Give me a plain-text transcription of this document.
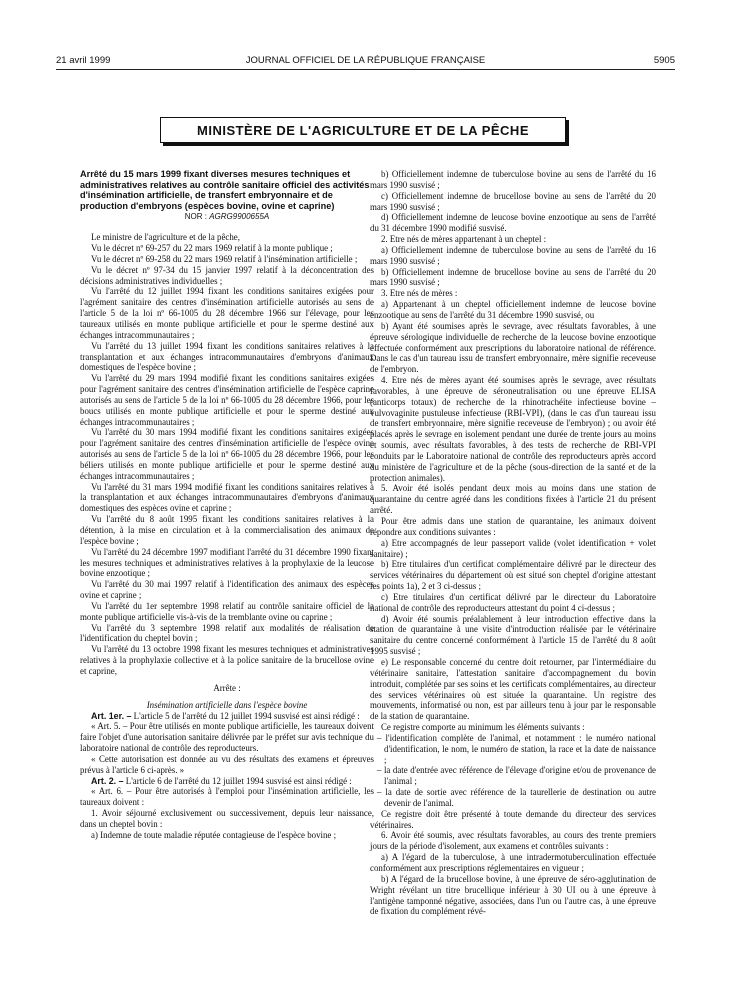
21 avril 1999	JOURNAL OFFICIEL DE LA RÉPUBLIQUE FRANÇAISE	5905
MINISTÈRE DE L'AGRICULTURE ET DE LA PÊCHE

Arrêté du 15 mars 1999 fixant diverses mesures techniques et administratives relatives au contrôle sanitaire officiel des activités d'insémination artificielle, de transfert embryonnaire et de production d'embryons (espèces bovine, ovine et caprine)

NOR : AGRG9900655A

Le ministre de l'agriculture et de la pêche,

Vu le décret nº 69-257 du 22 mars 1969 relatif à la monte publique ;

Vu le décret nº 69-258 du 22 mars 1969 relatif à l'insémination artificielle ;

Vu le décret nº 97-34 du 15 janvier 1997 relatif à la déconcentration des décisions administratives individuelles ;

Vu l'arrêté du 12 juillet 1994 fixant les conditions sanitaires exigées pour l'agrément sanitaire des centres d'insémination artificielle autorisés au sens de l'article 5 de la loi nº 66-1005 du 28 décembre 1966 sur l'élevage, pour les taureaux utilisés en monte publique artificielle et pour le sperme destiné aux échanges intracommunautaires ;

Vu l'arrêté du 13 juillet 1994 fixant les conditions sanitaires relatives à la transplantation et aux échanges intracommunautaires d'embryons d'animaux domestiques de l'espèce bovine ;

Vu l'arrêté du 29 mars 1994 modifié fixant les conditions sanitaires exigées pour l'agrément sanitaire des centres d'insémination artificielle de l'espèce caprine autorisés au sens de l'article 5 de la loi nº 66-1005 du 28 décembre 1966, pour les boucs utilisés en monte publique artificielle et pour le sperme destiné aux échanges intracommunautaires ;

Vu l'arrêté du 30 mars 1994 modifié fixant les conditions sanitaires exigées pour l'agrément sanitaire des centres d'insémination artificielle de l'espèce ovine autorisés au sens de l'article 5 de la loi nº 66-1005 du 28 décembre 1966, pour les béliers utilisés en monte publique artificielle et pour le sperme destiné aux échanges intracommunautaires ;

Vu l'arrêté du 31 mars 1994 modifié fixant les conditions sanitaires relatives à la transplantation et aux échanges intracommunautaires d'embryons d'animaux domestiques des espèces ovine et caprine ;

Vu l'arrêté du 8 août 1995 fixant les conditions sanitaires relatives à la détention, à la mise en circulation et à la commercialisation des animaux de l'espèce bovine ;

Vu l'arrêté du 24 décembre 1997 modifiant l'arrêté du 31 décembre 1990 fixant les mesures techniques et administratives relatives à la prophylaxie de la leucose bovine enzootique ;

Vu l'arrêté du 30 mai 1997 relatif à l'identification des animaux des espèces ovine et caprine ;

Vu l'arrêté du 1er septembre 1998 relatif au contrôle sanitaire officiel de la monte publique artificielle vis-à-vis de la tremblante ovine ou caprine ;

Vu l'arrêté du 3 septembre 1998 relatif aux modalités de réalisation de l'identification du cheptel bovin ;

Vu l'arrêté du 13 octobre 1998 fixant les mesures techniques et administratives relatives à la prophylaxie collective et à la police sanitaire de la brucellose ovine et caprine,

Arrête :

Insémination artificielle dans l'espèce bovine

Art. 1er. – L'article 5 de l'arrêté du 12 juillet 1994 susvisé est ainsi rédigé :

« Art. 5. – Pour être utilisés en monte publique artificielle, les taureaux doivent faire l'objet d'une autorisation sanitaire délivrée par le préfet sur avis technique du laboratoire national de contrôle des reproducteurs.

« Cette autorisation est donnée au vu des résultats des examens et épreuves prévus à l'article 6 ci-après. »

Art. 2. – L'article 6 de l'arrêté du 12 juillet 1994 susvisé est ainsi rédigé :

« Art. 6. – Pour être autorisés à l'emploi pour l'insémination artificielle, les taureaux doivent :

1. Avoir séjourné exclusivement ou successivement, depuis leur naissance, dans un cheptel bovin :

a) Indemne de toute maladie réputée contagieuse de l'espèce bovine ;

b) Officiellement indemne de tuberculose bovine au sens de l'arrêté du 16 mars 1990 susvisé ;

c) Officiellement indemne de brucellose bovine au sens de l'arrêté du 20 mars 1990 susvisé ;

d) Officiellement indemne de leucose bovine enzootique au sens de l'arrêté du 31 décembre 1990 modifié susvisé.

2. Etre nés de mères appartenant à un cheptel :

a) Officiellement indemne de tuberculose bovine au sens de l'arrêté du 16 mars 1990 susvisé ;

b) Officiellement indemne de brucellose bovine au sens de l'arrêté du 20 mars 1990 susvisé ;

3. Etre nés de mères :

a) Appartenant à un cheptel officiellement indemne de leucose bovine enzootique au sens de l'arrêté du 31 décembre 1990 susvisé, ou

b) Ayant été soumises après le sevrage, avec résultats favorables, à une épreuve sérologique individuelle de recherche de la leucose bovine enzootique effectuée conformément aux prescriptions du laboratoire national de référence. Dans le cas d'un taureau issu de transfert embryonnaire, mère signifie receveuse de l'embryon.

4. Etre nés de mères ayant été soumises après le sevrage, avec résultats favorables, à une épreuve de séroneutralisation ou une épreuve ELISA (anticorps totaux) de recherche de la rhinotrachéite infectieuse bovine – vulvovaginite pustuleuse infectieuse (RBI-VPI), (dans le cas d'un taureau issu de transfert embryonnaire, mère signifie receveuse de l'embryon) ; ou avoir été placés après le sevrage en isolement pendant une durée de trente jours au moins et soumis, avec résultats favorables, à des tests de recherche de RBI-VPI conduits par le Laboratoire national de contrôle des reproducteurs après accord du ministère de l'agriculture et de la pêche (sous-direction de la santé et de la protection animales).

5. Avoir été isolés pendant deux mois au moins dans une station de quarantaine du centre agréé dans les conditions fixées à l'article 21 du présent arrêté.

Pour être admis dans une station de quarantaine, les animaux doivent répondre aux conditions suivantes :

a) Etre accompagnés de leur passeport valide (volet identification + volet sanitaire) ;

b) Etre titulaires d'un certificat complémentaire délivré par le directeur des services vétérinaires du département où est situé son cheptel d'origine attestant les points 1a), 2 et 3 ci-dessus ;

c) Etre titulaires d'un certificat délivré par le directeur du Laboratoire national de contrôle des reproducteurs attestant du point 4 ci-dessus ;

d) Avoir été soumis préalablement à leur introduction effective dans la station de quarantaine à une visite d'introduction réalisée par le vétérinaire sanitaire du centre concerné conformément à l'article 15 de l'arrêté du 8 août 1995 susvisé ;

e) Le responsable concerné du centre doit retourner, par l'intermédiaire du vétérinaire sanitaire, l'attestation sanitaire d'accompagnement du bovin introduit, complétée par ses soins et les certificats complémentaires, au directeur des services vétérinaires où est située la quarantaine. Un registre des mouvements, informatisé ou non, est par ailleurs tenu à jour par le responsable de la station de quarantaine.

Ce registre comporte au minimum les éléments suivants :

– l'identification complète de l'animal, et notamment : le numéro national d'identification, le nom, le numéro de station, la race et la date de naissance ;

– la date d'entrée avec référence de l'élevage d'origine et/ou de provenance de l'animal ;

– la date de sortie avec référence de la taurellerie de destination ou autre devenir de l'animal.

Ce registre doit être présenté à toute demande du directeur des services vétérinaires.

6. Avoir été soumis, avec résultats favorables, au cours des trente premiers jours de la période d'isolement, aux examens et contrôles suivants :

a) A l'égard de la tuberculose, à une intradermotuberculination effectuée conformément aux prescriptions réglementaires en vigueur ;

b) A l'égard de la brucellose bovine, à une épreuve de séro-agglutination de Wright révélant un titre brucellique inférieur à 30 UI ou à une épreuve à l'antigène tamponné négative, associées, dans l'un ou l'autre cas, à une épreuve de fixation du complément révé-
